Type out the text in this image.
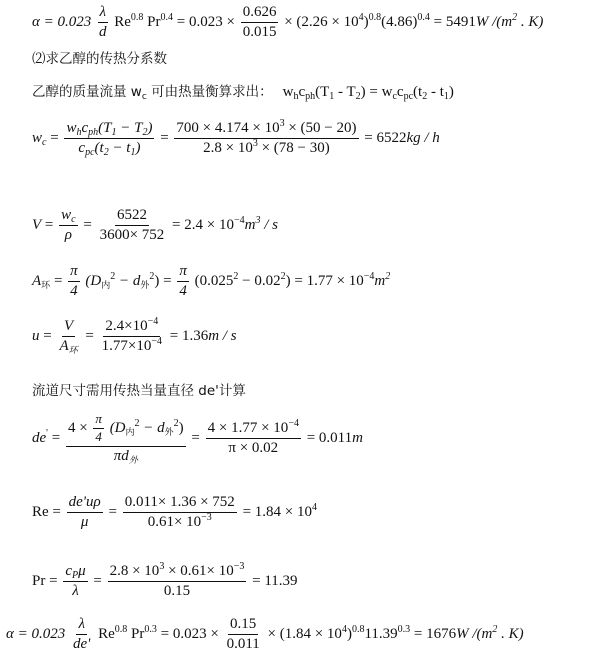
$\alpha = 0.023 \frac{\lambda}{d} Re^{0.8}$ $Pr^{0.4} = 0.023 \times \frac{0.626}{0.015} \times (2.26 \times 10^4)^{0.8}(4.86)^{0.4} = 5491W$ $/(m^2$ . K)
⑵求乙醇的传热分系数
乙醇的质量流量 $w_c$ 可由热量衡算求出： $w_hc_{ph}(T_1 - T_2) = w_cc_{pc}(t_2 - t_1)$
$w_c = \frac{w_hc_{ph}(T_1 - T_2)}{c_{pc}(t_2 - t_1)} = \frac{700 \times 4.174 \times 10^3 \times (50 - 20)}{2.8 \times 10^3 \times (78 - 30)} = 6522kg / h$
$V = \frac{w_c}{\rho} = \frac{6522}{3600\times 752} = 2.4 \times 10^{-4}m^3 / s$
$A_环 = \frac{\pi}{4} (D_内^2 - d_外^2) = \frac{\pi}{4} (0.025^2 - 0.02^2) = 1.77 \times 10^{-4}m^2$
$u = \frac{V}{A_环} = \frac{2.4\times 10^{-4}}{1.77\times 10^{-4}} = 1.36m / s$
流道尺寸需用传热当量直径 de'计算
$de' = \frac{4 \times \frac{\pi}{4} (D_内^2 - d_外^2)}{\pi d_外} = \frac{4 \times 1.77 \times 10^{-4}}{\pi \times 0.02} = 0.011m$
$Re = \frac{de'u\rho}{\mu} = \frac{0.011\times 1.36 \times 752}{0.61\times 10^{-3}} = 1.84 \times 10^4$
$Pr = \frac{c_P\mu}{\lambda} = \frac{2.8 \times 10^3 \times 0.61\times 10^{-3}}{0.15} = 11.39$
$\alpha = 0.023 \frac{\lambda}{de'} Re^{0.8}$ $Pr^{0.3} = 0.023 \times \frac{0.15}{0.011} \times (1.84 \times 10^4)^{0.8}11.39^{0.3} = 1676W$ $/(m^2$ . K)
